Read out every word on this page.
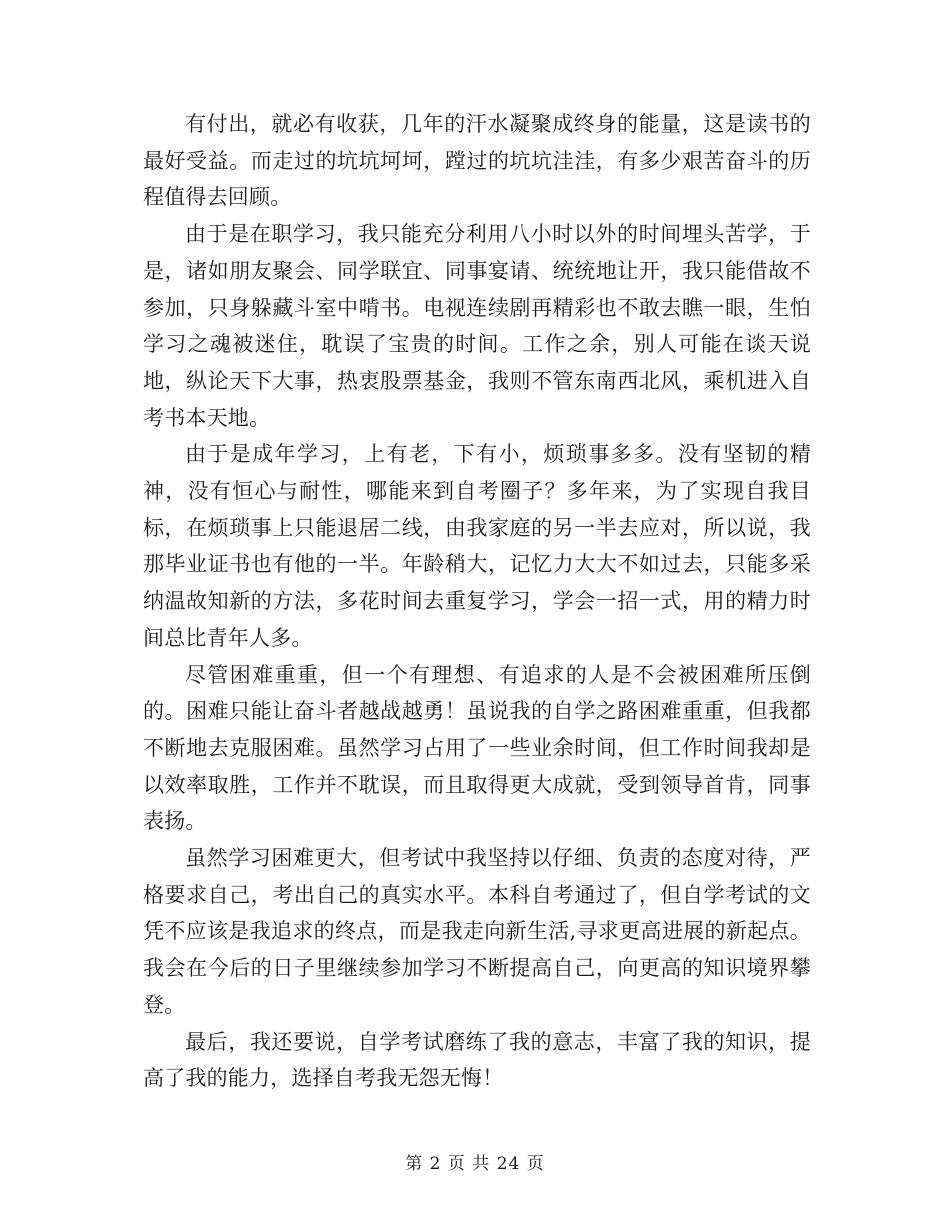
有付出，就必有收获，几年的汗水凝聚成终身的能量，这是读书的最好受益。而走过的坑坑坷坷，蹚过的坑坑洼洼，有多少艰苦奋斗的历程值得去回顾。

由于是在职学习，我只能充分利用八小时以外的时间埋头苦学，于是，诸如朋友聚会、同学联宜、同事宴请、统统地让开，我只能借故不参加，只身躲藏斗室中啃书。电视连续剧再精彩也不敢去瞧一眼，生怕学习之魂被迷住，耽误了宝贵的时间。工作之余，别人可能在谈天说地，纵论天下大事，热衷股票基金，我则不管东南西北风，乘机进入自考书本天地。

由于是成年学习，上有老，下有小，烦琐事多多。没有坚韧的精神，没有恒心与耐性，哪能来到自考圈子？多年来，为了实现自我目标，在烦琐事上只能退居二线，由我家庭的另一半去应对，所以说，我那毕业证书也有他的一半。年龄稍大，记忆力大大不如过去，只能多采纳温故知新的方法，多花时间去重复学习，学会一招一式，用的精力时间总比青年人多。

尽管困难重重，但一个有理想、有追求的人是不会被困难所压倒的。困难只能让奋斗者越战越勇！虽说我的自学之路困难重重，但我都不断地去克服困难。虽然学习占用了一些业余时间，但工作时间我却是以效率取胜，工作并不耽误，而且取得更大成就，受到领导首肯，同事表扬。

虽然学习困难更大，但考试中我坚持以仔细、负责的态度对待，严格要求自己，考出自己的真实水平。本科自考通过了，但自学考试的文凭不应该是我追求的终点，而是我走向新生活,寻求更高进展的新起点。我会在今后的日子里继续参加学习不断提高自己，向更高的知识境界攀登。

最后，我还要说，自学考试磨练了我的意志，丰富了我的知识，提高了我的能力，选择自考我无怨无悔！

第 2 页 共 24 页
